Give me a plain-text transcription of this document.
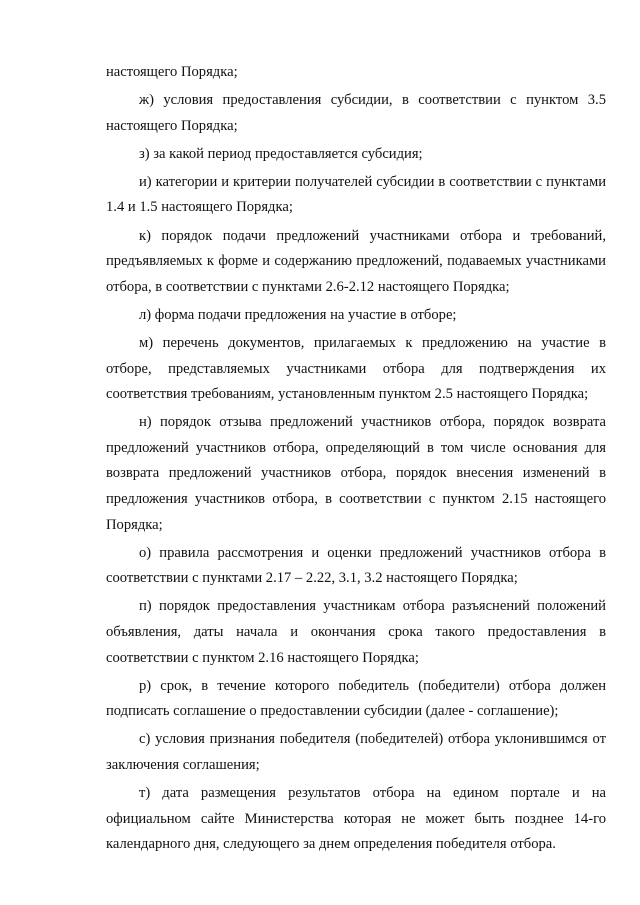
настоящего Порядка;

ж) условия предоставления субсидии, в соответствии с пунктом 3.5 настоящего Порядка;

з) за какой период предоставляется субсидия;

и) категории и критерии получателей субсидии в соответствии с пунктами 1.4 и 1.5 настоящего Порядка;

к) порядок подачи предложений участниками отбора и требований, предъявляемых к форме и содержанию предложений, подаваемых участниками отбора, в соответствии с пунктами 2.6-2.12 настоящего Порядка;

л) форма подачи предложения на участие в отборе;

м) перечень документов, прилагаемых к предложению на участие в отборе, представляемых участниками отбора для подтверждения их соответствия требованиям, установленным пунктом 2.5 настоящего Порядка;

н) порядок отзыва предложений участников отбора, порядок возврата предложений участников отбора, определяющий в том числе основания для возврата предложений участников отбора, порядок внесения изменений в предложения участников отбора, в соответствии с пунктом 2.15 настоящего Порядка;

о) правила рассмотрения и оценки предложений участников отбора в соответствии с пунктами 2.17 – 2.22, 3.1, 3.2 настоящего Порядка;

п) порядок предоставления участникам отбора разъяснений положений объявления, даты начала и окончания срока такого предоставления в соответствии с пунктом 2.16 настоящего Порядка;

р) срок, в течение которого победитель (победители) отбора должен подписать соглашение о предоставлении субсидии (далее - соглашение);

с) условия признания победителя (победителей) отбора уклонившимся от заключения соглашения;

т) дата размещения результатов отбора на едином портале и на официальном сайте Министерства которая не может быть позднее 14-го календарного дня, следующего за днем определения победителя отбора.
